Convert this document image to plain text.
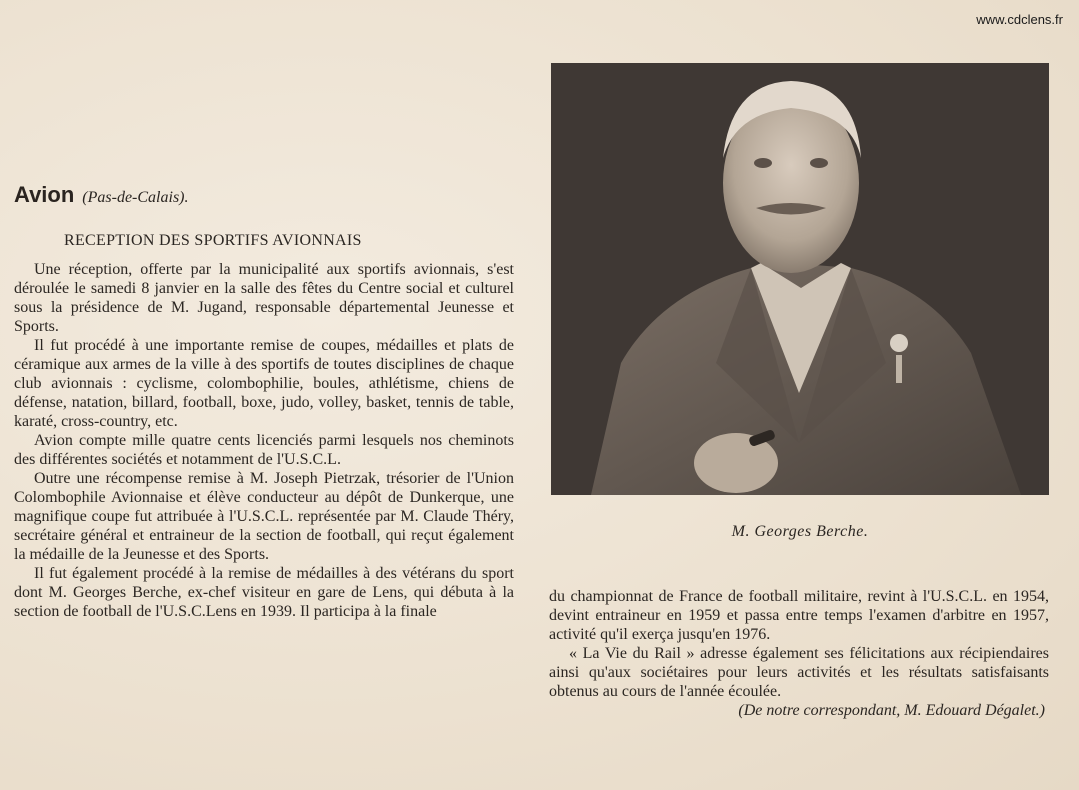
www.cdclens.fr
Avion (Pas-de-Calais).
RECEPTION DES SPORTIFS AVIONNAIS

Une réception, offerte par la municipalité aux sportifs avionnais, s'est déroulée le samedi 8 janvier en la salle des fêtes du Centre social et culturel sous la présidence de M. Jugand, responsable départemental Jeunesse et Sports.

Il fut procédé à une importante remise de coupes, médailles et plats de céramique aux armes de la ville à des sportifs de toutes disciplines de chaque club avionnais : cyclisme, colombophilie, boules, athlétisme, chiens de défense, natation, billard, football, boxe, judo, volley, basket, tennis de table, karaté, cross-country, etc.

Avion compte mille quatre cents licenciés parmi lesquels nos cheminots des différentes sociétés et notamment de l'U.S.C.L.

Outre une récompense remise à M. Joseph Pietrzak, trésorier de l'Union Colombophile Avionnaise et élève conducteur au dépôt de Dunkerque, une magnifique coupe fut attribuée à l'U.S.C.L. représentée par M. Claude Théry, secrétaire général et entraineur de la section de football, qui reçut également la médaille de la Jeunesse et des Sports.

Il fut également procédé à la remise de médailles à des vétérans du sport dont M. Georges Berche, ex-chef visiteur en gare de Lens, qui débuta à la section de football de l'U.S.C.Lens en 1939. Il participa à la finale

M. Georges Berche.

du championnat de France de football militaire, revint à l'U.S.C.L. en 1954, devint entraineur en 1959 et passa entre temps l'examen d'arbitre en 1957, activité qu'il exerça jusqu'en 1976.

« La Vie du Rail » adresse également ses félicitations aux récipiendaires ainsi qu'aux sociétaires pour leurs activités et les résultats satisfaisants obtenus au cours de l'année écoulée.

(De notre correspondant, M. Edouard Dégalet.)
